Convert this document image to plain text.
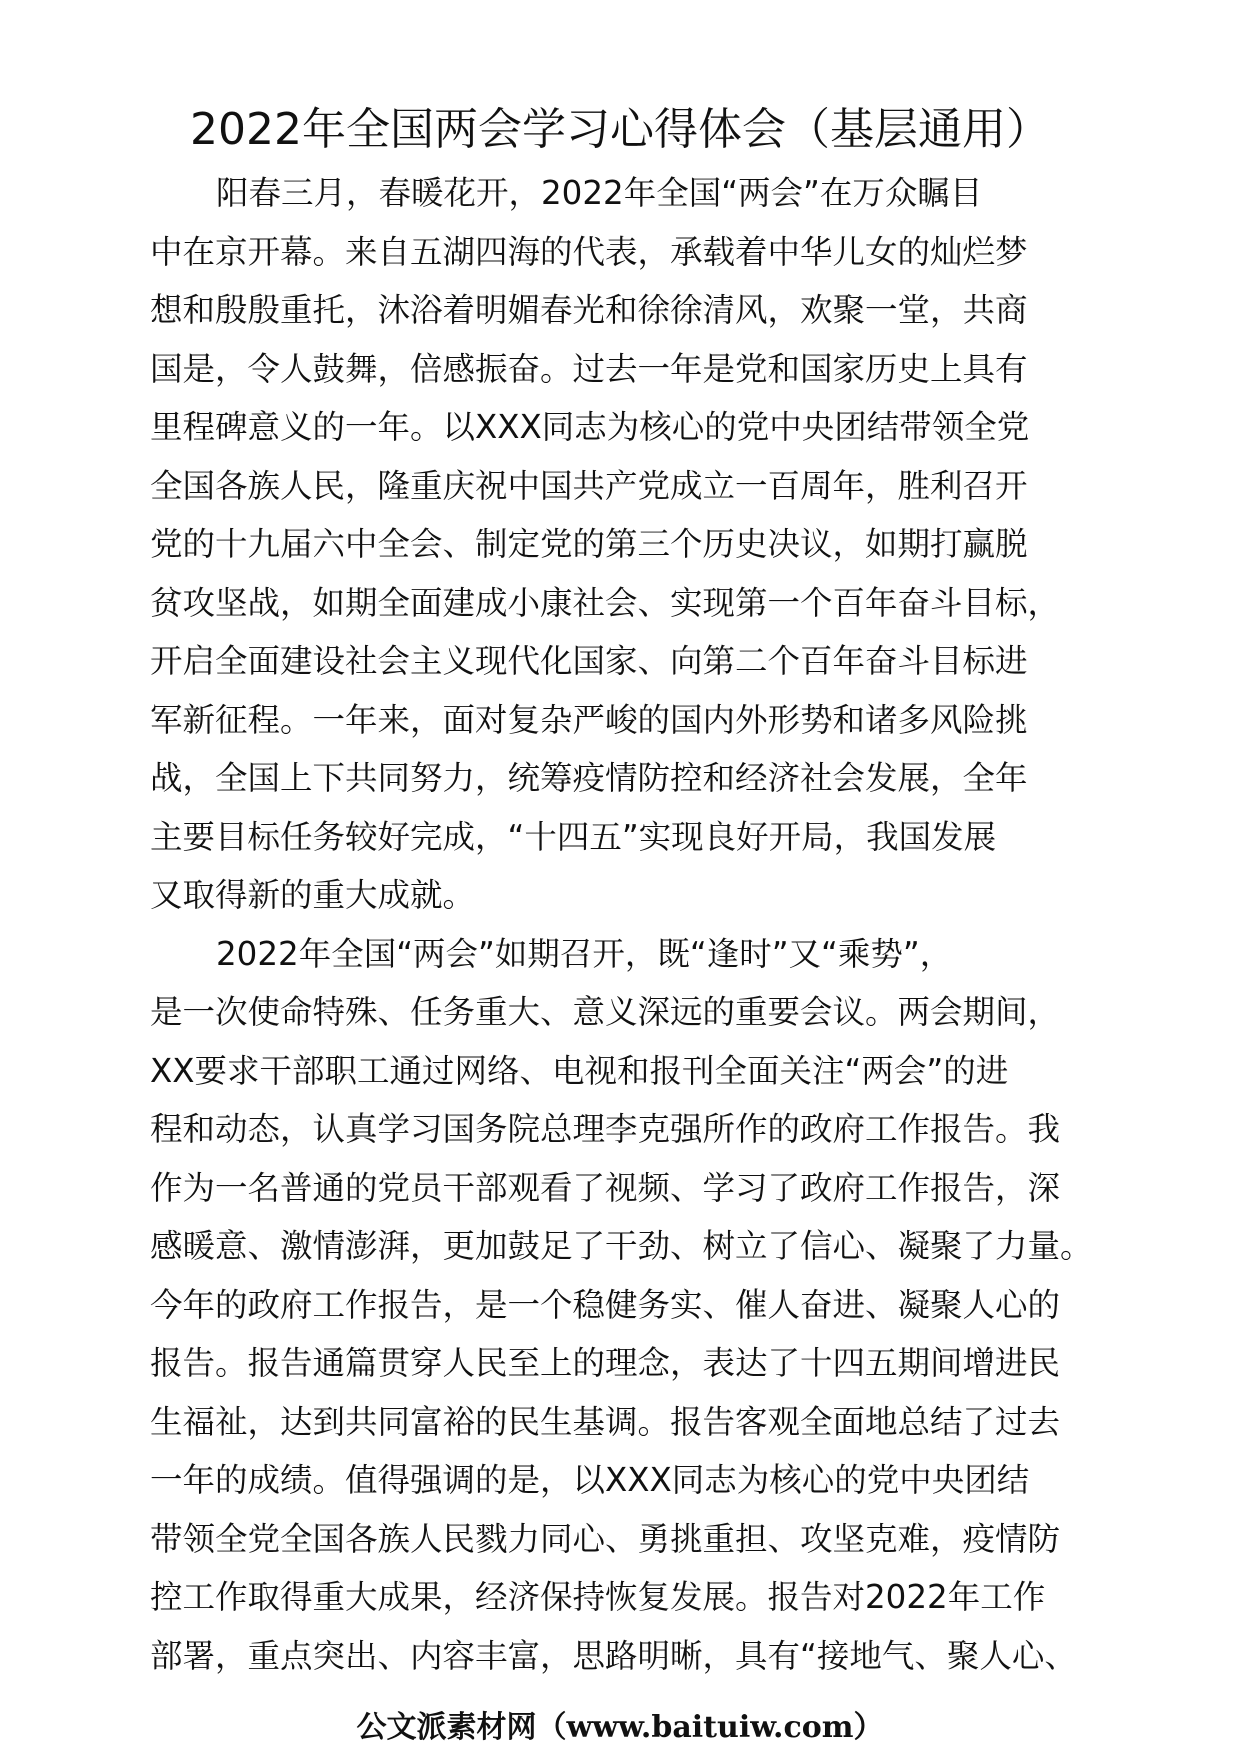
2022年全国两会学习心得体会（基层通用）

阳春三月，春暖花开，2022年全国“两会”在万众瞩目
中在京开幕。来自五湖四海的代表，承载着中华儿女的灿烂梦
想和殷殷重托，沐浴着明媚春光和徐徐清风，欢聚一堂，共商
国是，令人鼓舞，倍感振奋。过去一年是党和国家历史上具有
里程碑意义的一年。以XXX同志为核心的党中央团结带领全党
全国各族人民，隆重庆祝中国共产党成立一百周年，胜利召开
党的十九届六中全会、制定党的第三个历史决议，如期打赢脱
贫攻坚战，如期全面建成小康社会、实现第一个百年奋斗目标，
开启全面建设社会主义现代化国家、向第二个百年奋斗目标进
军新征程。一年来，面对复杂严峻的国内外形势和诸多风险挑
战，全国上下共同努力，统筹疫情防控和经济社会发展，全年
主要目标任务较好完成，“十四五”实现良好开局，我国发展
又取得新的重大成就。

2022年全国“两会”如期召开，既“逢时”又“乘势”，
是一次使命特殊、任务重大、意义深远的重要会议。两会期间，
XX要求干部职工通过网络、电视和报刊全面关注“两会”的进
程和动态，认真学习国务院总理李克强所作的政府工作报告。我
作为一名普通的党员干部观看了视频、学习了政府工作报告，深
感暖意、激情澎湃，更加鼓足了干劲、树立了信心、凝聚了力量。
今年的政府工作报告，是一个稳健务实、催人奋进、凝聚人心的
报告。报告通篇贯穿人民至上的理念，表达了十四五期间增进民
生福祉，达到共同富裕的民生基调。报告客观全面地总结了过去
一年的成绩。值得强调的是，以XXX同志为核心的党中央团结
带领全党全国各族人民戮力同心、勇挑重担、攻坚克难，疫情防
控工作取得重大成果，经济保持恢复发展。报告对2022年工作
部署，重点突出、内容丰富，思路明晰，具有“接地气、聚人心、

公文派素材网（www.baituiw.com）
